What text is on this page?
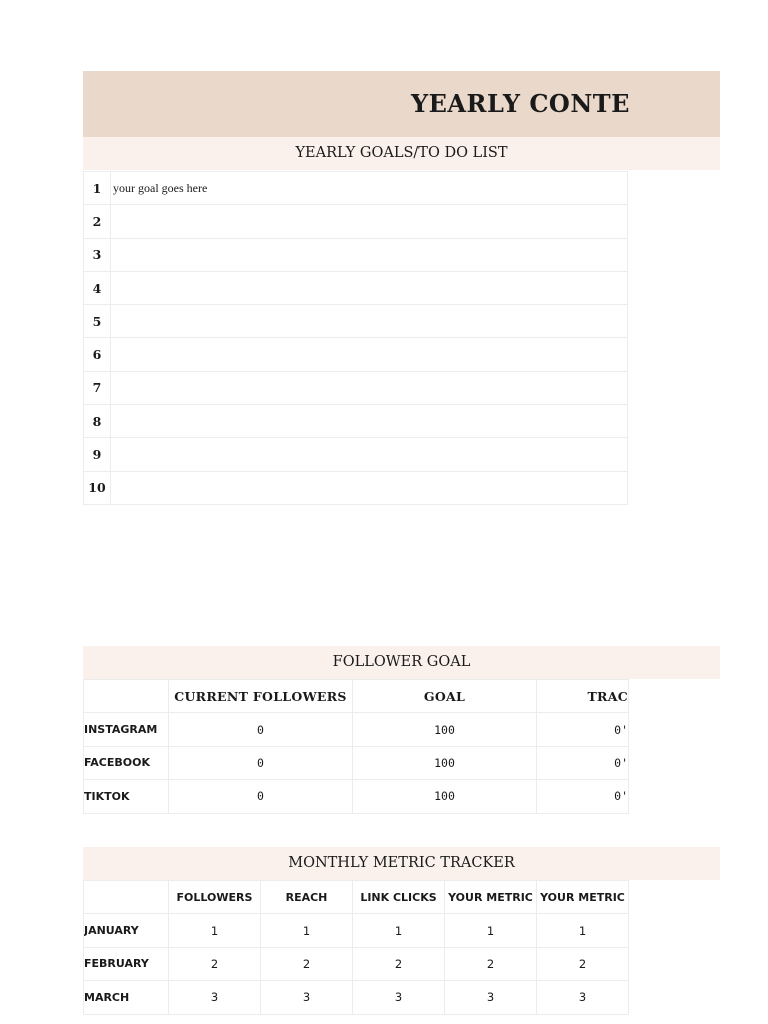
YEARLY CONTE
YEARLY GOALS/TO DO LIST
1	your goal goes here
2	
3	
4	
5	
6	
7	
8	
9	
10	
FOLLOWER GOAL
	CURRENT FOLLOWERS	GOAL	TRAC
INSTAGRAM	0	100	0'
FACEBOOK	0	100	0'
TIKTOK	0	100	0'
MONTHLY METRIC TRACKER
	FOLLOWERS	REACH	LINK CLICKS	YOUR METRIC	YOUR METRIC
JANUARY	1	1	1	1	1
FEBRUARY	2	2	2	2	2
MARCH	3	3	3	3	3
